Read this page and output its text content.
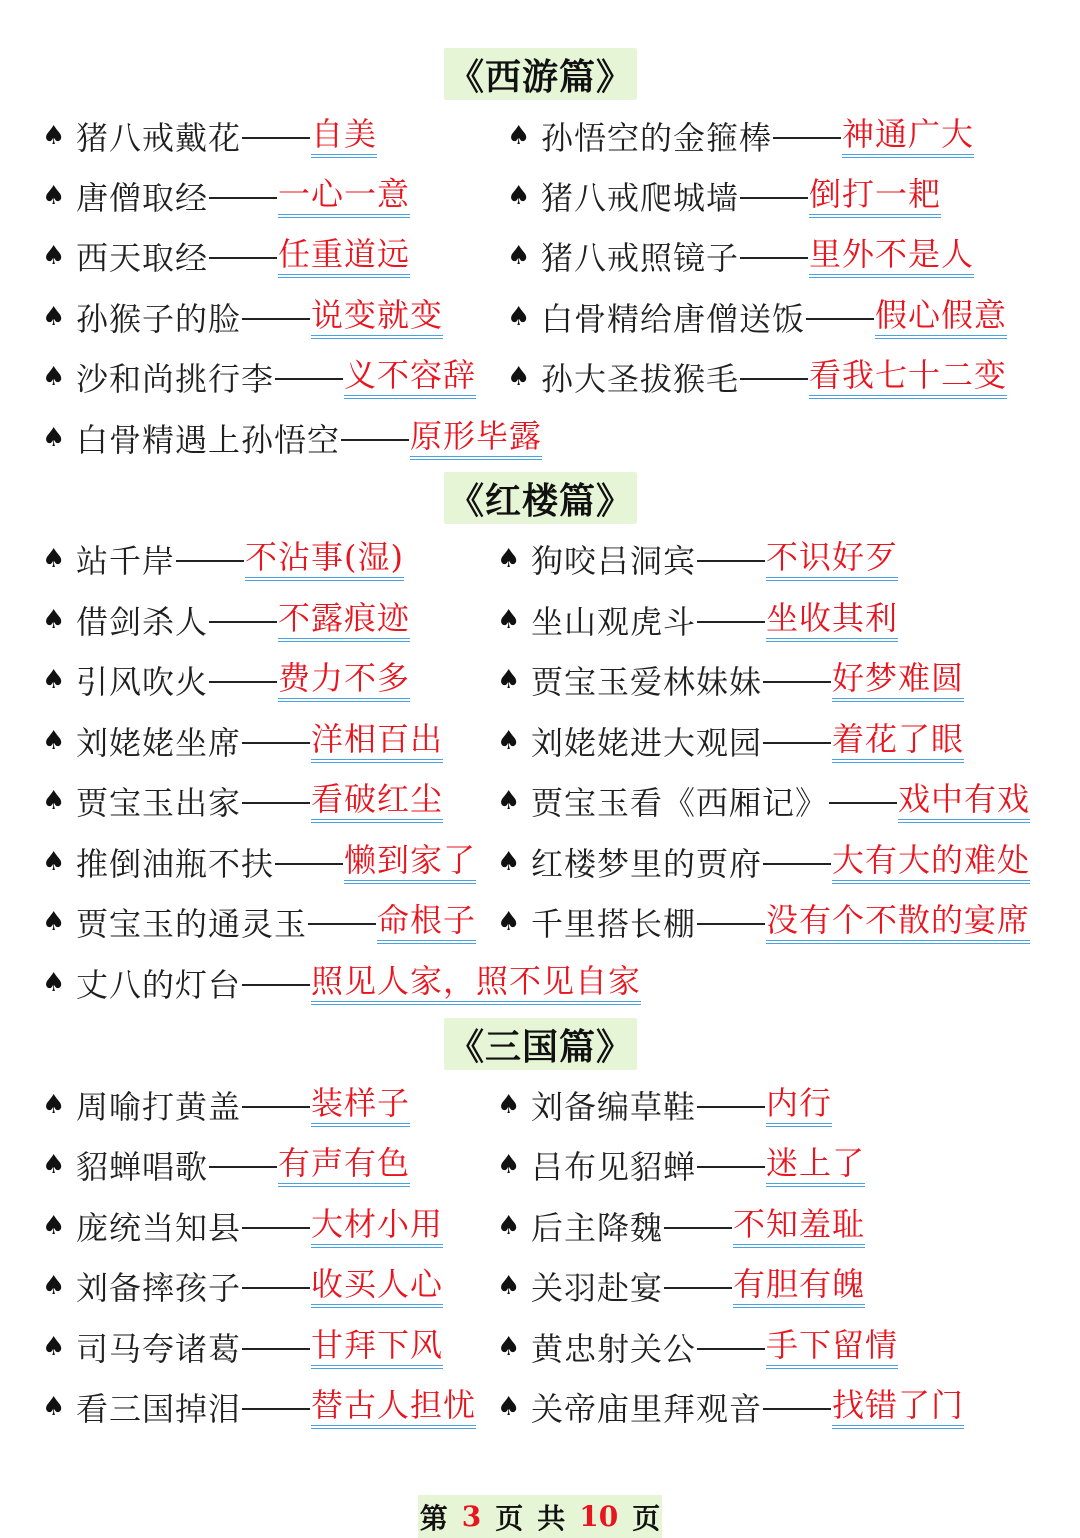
《西游篇》
♠ 猪八戒戴花 自美
♠ 唐僧取经 一心一意
♠ 西天取经 任重道远
♠ 孙猴子的脸 说变就变
♠ 沙和尚挑行李 义不容辞
♠ 白骨精遇上孙悟空 原形毕露
♠ 孙悟空的金箍棒 神通广大
♠ 猪八戒爬城墙 倒打一耙
♠ 猪八戒照镜子 里外不是人
♠ 白骨精给唐僧送饭 假心假意
♠ 孙大圣拔猴毛 看我七十二变
《红楼篇》
♠ 站千岸 不沾事(湿)
♠ 借剑杀人 不露痕迹
♠ 引风吹火 费力不多
♠ 刘姥姥坐席 洋相百出
♠ 贾宝玉出家 看破红尘
♠ 推倒油瓶不扶 懒到家了
♠ 贾宝玉的通灵玉 命根子
♠ 丈八的灯台 照见人家，照不见自家
♠ 狗咬吕洞宾 不识好歹
♠ 坐山观虎斗 坐收其利
♠ 贾宝玉爱林妹妹 好梦难圆
♠ 刘姥姥进大观园 着花了眼
♠ 贾宝玉看《西厢记》 戏中有戏
♠ 红楼梦里的贾府 大有大的难处
♠ 千里搭长棚 没有个不散的宴席
《三国篇》
♠ 周喻打黄盖 装样子
♠ 貂蝉唱歌 有声有色
♠ 庞统当知县 大材小用
♠ 刘备摔孩子 收买人心
♠ 司马夸诸葛 甘拜下风
♠ 看三国掉泪 替古人担忧
♠ 刘备编草鞋 内行
♠ 吕布见貂蝉 迷上了
♠ 后主降魏 不知羞耻
♠ 关羽赴宴 有胆有魄
♠ 黄忠射关公 手下留情
♠ 关帝庙里拜观音 找错了门
第 3 页 共 10 页
